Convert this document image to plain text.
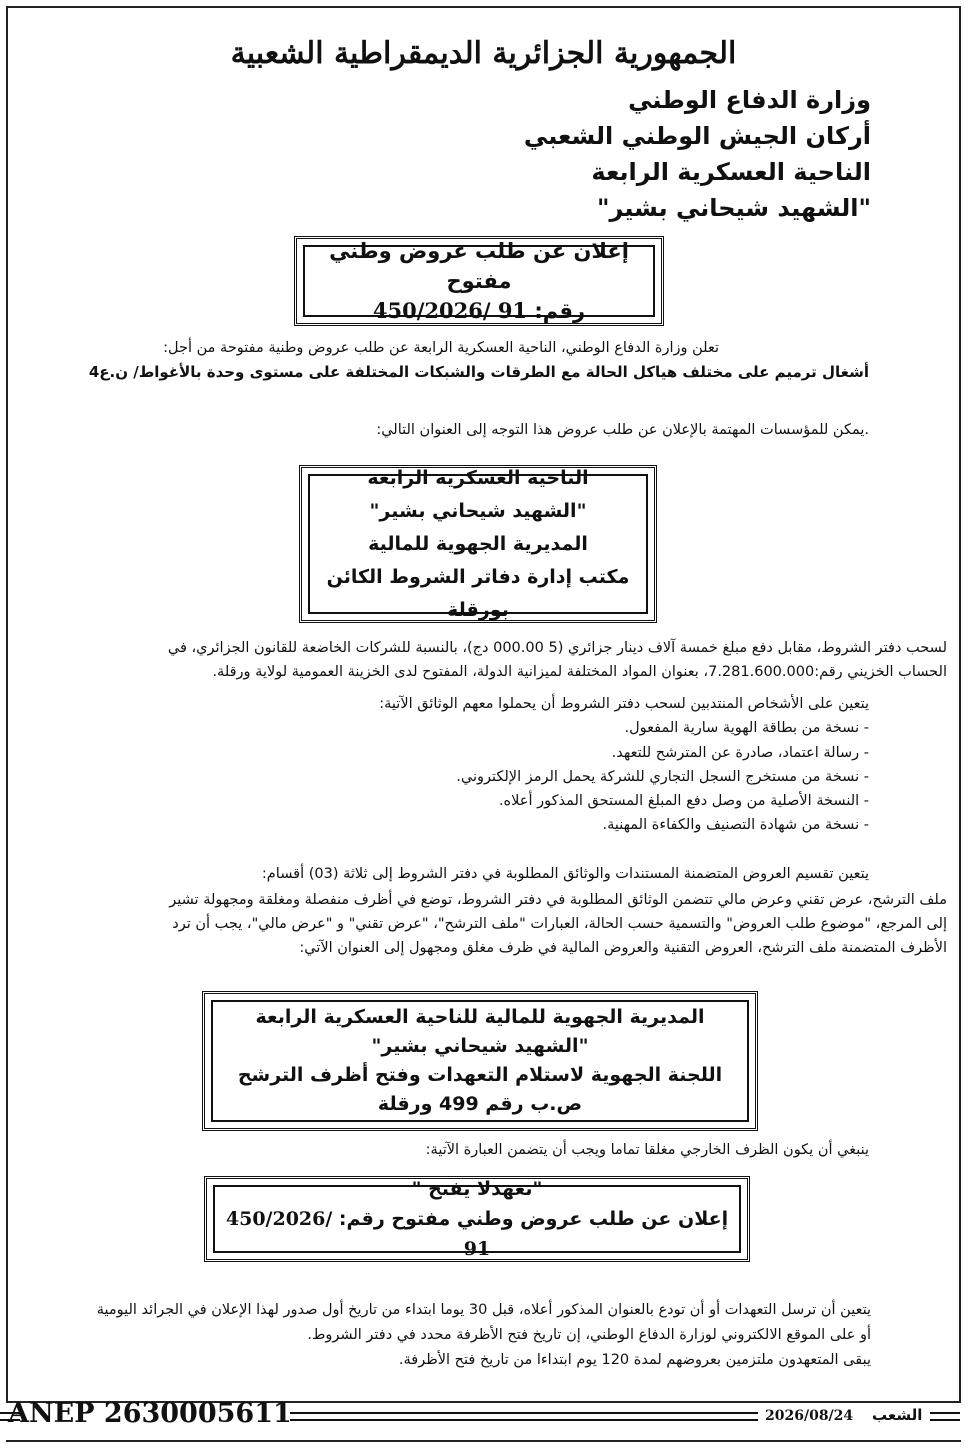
الجمهورية الجزائرية الديمقراطية الشعبية
وزارة الدفاع الوطني
أركان الجيش الوطني الشعبي
الناحية العسكرية الرابعة
"الشهيد شيحاني بشير"
إعلان عن طلب عروض وطني مفتوح
رقم: 450/2026/ 91
تعلن وزارة الدفاع الوطني، الناحية العسكرية الرابعة عن طلب عروض وطنية مفتوحة من أجل:
أشغال ترميم على مختلف هياكل الحالة مع الطرقات والشبكات المختلفة على مستوى وحدة بالأغواط/ ن.ع4
.يمكن للمؤسسات المهتمة بالإعلان عن طلب عروض هذا التوجه إلى العنوان التالي:
الناحية العسكرية الرابعة
"الشهيد شيحاني بشير"
المديرية الجهوية للمالية
مكتب إدارة دفاتر الشروط الكائن بورقلة
لسحب دفتر الشروط، مقابل دفع مبلغ خمسة آلاف دينار جزائري (5 000.00 دج)، بالنسبة للشركات الخاضعة للقانون الجزائري، في
الحساب الخزيني رقم:7.281.600.000، بعنوان المواد المختلفة لميزانية الدولة، المفتوح لدى الخزينة العمومية لولاية ورقلة.
يتعين على الأشخاص المنتدبين لسحب دفتر الشروط أن يحملوا معهم الوثائق الآتية:
- نسخة من بطاقة الهوية سارية المفعول.
- رسالة اعتماد، صادرة عن المترشح للتعهد.
- نسخة من مستخرج السجل التجاري للشركة يحمل الرمز الإلكتروني.
- النسخة الأصلية من وصل دفع المبلغ المستحق المذكور أعلاه.
- نسخة من شهادة التصنيف والكفاءة المهنية.
يتعين تقسيم العروض المتضمنة المستندات والوثائق المطلوبة في دفتر الشروط إلى ثلاثة (03) أقسام:
ملف الترشح، عرض تقني وعرض مالي تتضمن الوثائق المطلوبة في دفتر الشروط، توضع في أظرف منفصلة ومغلقة ومجهولة تشير
إلى المرجع، "موضوع طلب العروض" والتسمية حسب الحالة، العبارات "ملف الترشح"، "عرض تقني" و "عرض مالي"، يجب أن ترد
الأظرف المتضمنة ملف الترشح، العروض التقنية والعروض المالية في ظرف مغلق ومجهول إلى العنوان الآتي:
المديرية الجهوية للمالية للناحية العسكرية الرابعة
"الشهيد شيحاني بشير"
اللجنة الجهوية لاستلام التعهدات وفتح أظرف الترشح
ص.ب رقم 499 ورقلة
ينبغي أن يكون الظرف الخارجي مغلقا تماما ويجب أن يتضمن العبارة الآتية:
"تعهدلا يفتح "
إعلان عن طلب عروض وطني مفتوح رقم: 450/2026/ 91
يتعين أن ترسل التعهدات أو أن تودع بالعنوان المذكور أعلاه، قبل 30 يوما ابتداء من تاريخ أول صدور لهذا الإعلان في الجرائد اليومية
أو على الموقع الالكتروني لوزارة الدفاع الوطني، إن تاريخ فتح الأظرفة محدد في دفتر الشروط.
يبقى المتعهدون ملتزمين بعروضهم لمدة 120 يوم ابتداءا من تاريخ فتح الأظرفة.
ANEP 2630005611	2026/08/24 الشعب
